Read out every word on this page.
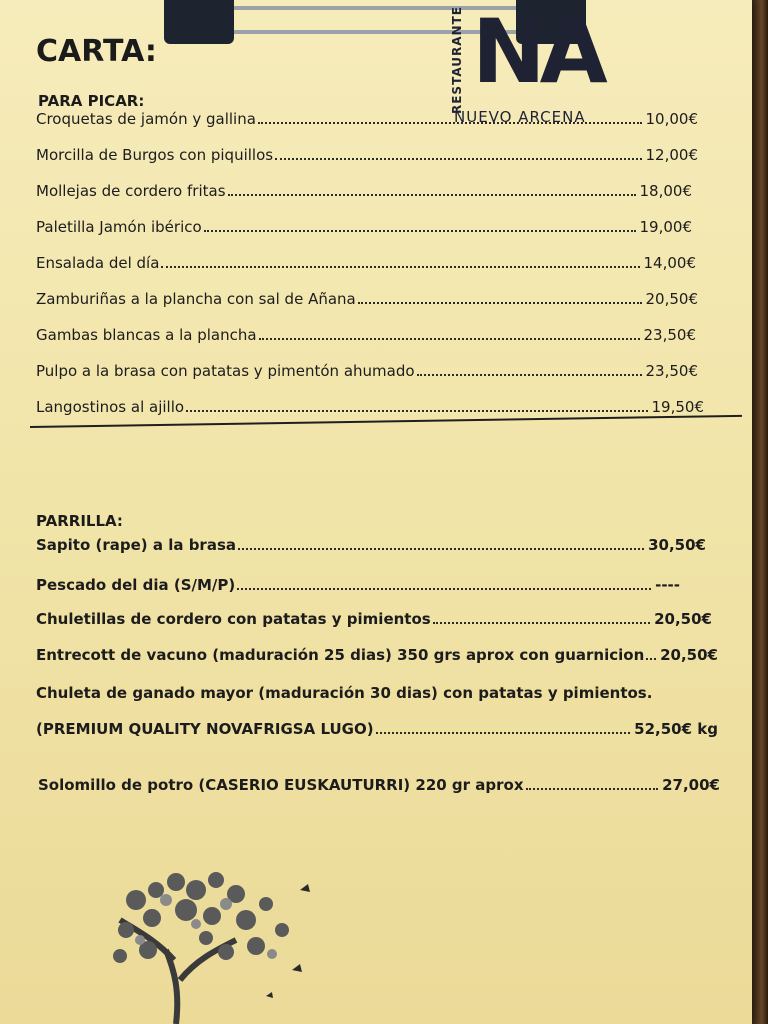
RESTAURANTE NA
NUEVO ARCENA
CARTA:
PARA PICAR:
Croquetas de jamón y gallina	10,00€
Morcilla de Burgos con piquillos	12,00€
Mollejas de cordero fritas	18,00€
Paletilla Jamón ibérico	19,00€
Ensalada del día	14,00€
Zamburiñas a la plancha con sal de Añana	20,50€
Gambas blancas a la plancha	23,50€
Pulpo a la brasa con patatas y pimentón ahumado	23,50€
Langostinos al ajillo	19,50€
PARRILLA:
Sapito (rape) a la brasa	30,50€
Pescado del dia (S/M/P)	----
Chuletillas de cordero con patatas y pimientos	20,50€
Entrecott de vacuno (maduración 25 dias) 350 grs aprox con guarnicion 20,50€
Chuleta de ganado mayor (maduración 30 dias) con patatas y pimientos.
(PREMIUM QUALITY NOVAFRIGSA LUGO)	52,50€ kg
Solomillo de potro (CASERIO EUSKAUTURRI) 220 gr aprox	27,00€
